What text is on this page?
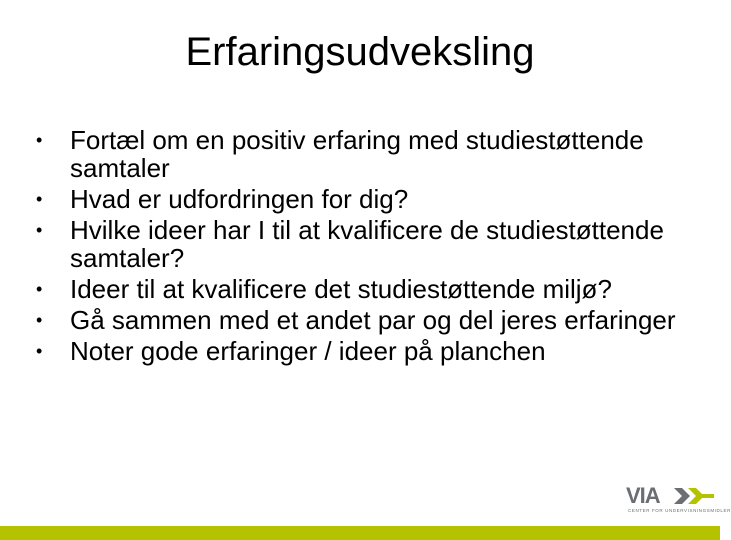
Erfaringsudveksling
•	Fortæl om en positiv erfaring med studiestøttende samtaler
•	Hvad er udfordringen for dig?
•	Hvilke ideer har I til at kvalificere de studiestøttende samtaler?
•	Ideer til at kvalificere det studiestøttende miljø?
•	Gå sammen med et andet par og del jeres erfaringer
•	Noter gode erfaringer / ideer på planchen
VIA
CENTER FOR UNDERVISNINGSMIDLER
